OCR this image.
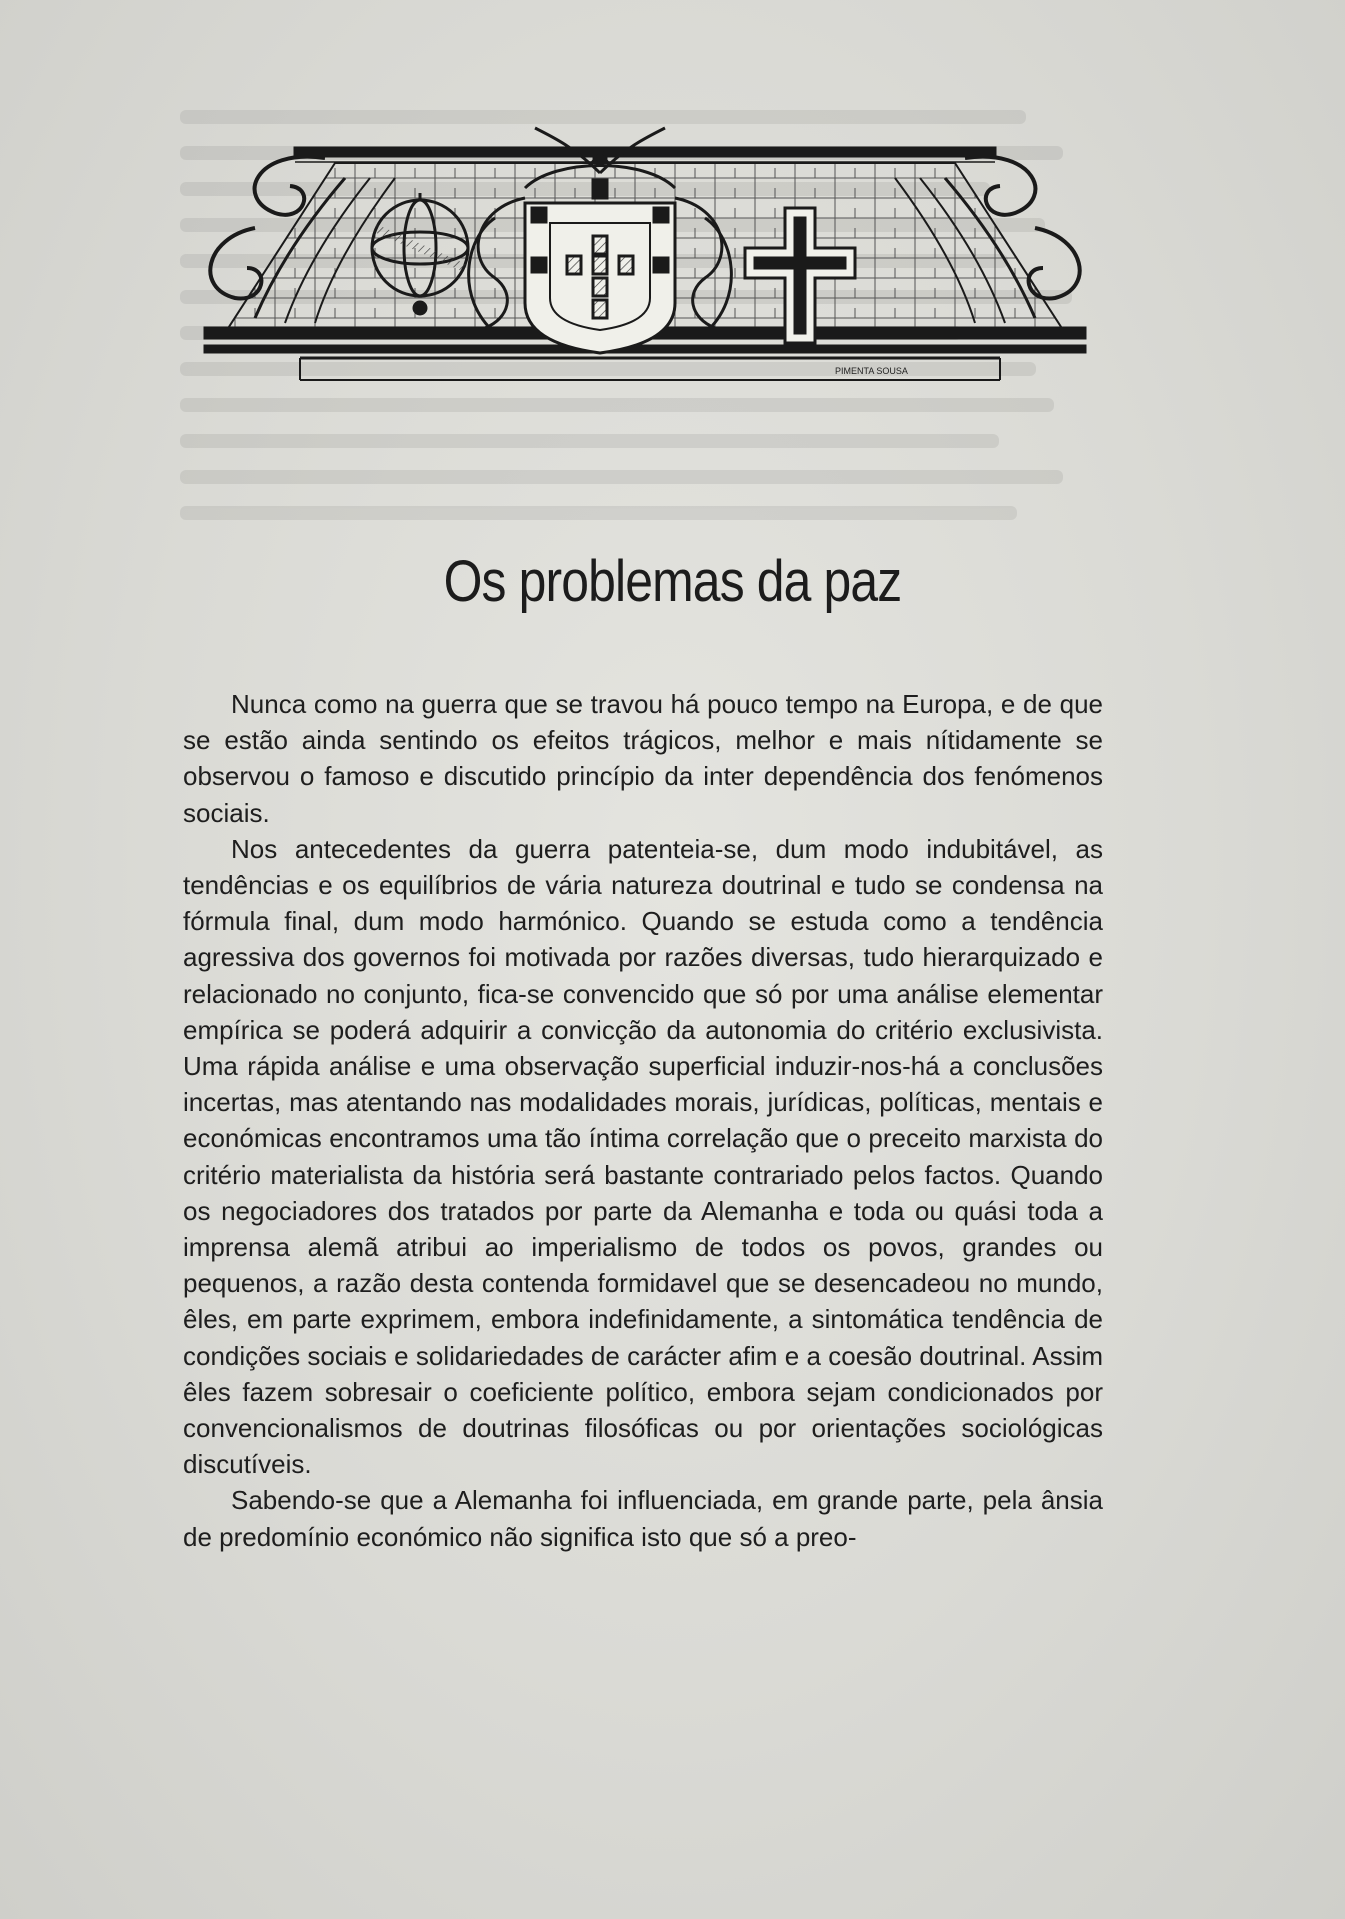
PIMENTA SOUSA
Os problemas da paz

Nunca como na guerra que se travou há pouco tempo na Europa, e de que se estão ainda sentindo os efeitos trágicos, melhor e mais nítidamente se observou o famoso e discutido princípio da inter dependência dos fenómenos sociais.

Nos antecedentes da guerra patenteia-se, dum modo indubitável, as tendências e os equilíbrios de vária natureza doutrinal e tudo se condensa na fórmula final, dum modo harmónico. Quando se estuda como a tendência agressiva dos governos foi motivada por razões diversas, tudo hierarquizado e relacionado no conjunto, fica-se convencido que só por uma análise elementar empírica se poderá adquirir a convicção da autonomia do critério exclusivista. Uma rápida análise e uma observação superficial induzir-nos-há a conclusões incertas, mas atentando nas modalidades morais, jurídicas, políticas, mentais e económicas encontramos uma tão íntima correlação que o preceito marxista do critério materialista da história será bastante contrariado pelos factos. Quando os negociadores dos tratados por parte da Alemanha e toda ou quási toda a imprensa alemã atribui ao imperialismo de todos os povos, grandes ou pequenos, a razão desta contenda formidavel que se desencadeou no mundo, êles, em parte exprimem, embora indefinidamente, a sintomática tendência de condições sociais e solidariedades de carácter afim e a coesão doutrinal. Assim êles fazem sobresair o coeficiente político, embora sejam condicionados por convencionalismos de doutrinas filosóficas ou por orientações sociológicas discutíveis.

Sabendo-se que a Alemanha foi influenciada, em grande parte, pela ânsia de predomínio económico não significa isto que só a preo-
